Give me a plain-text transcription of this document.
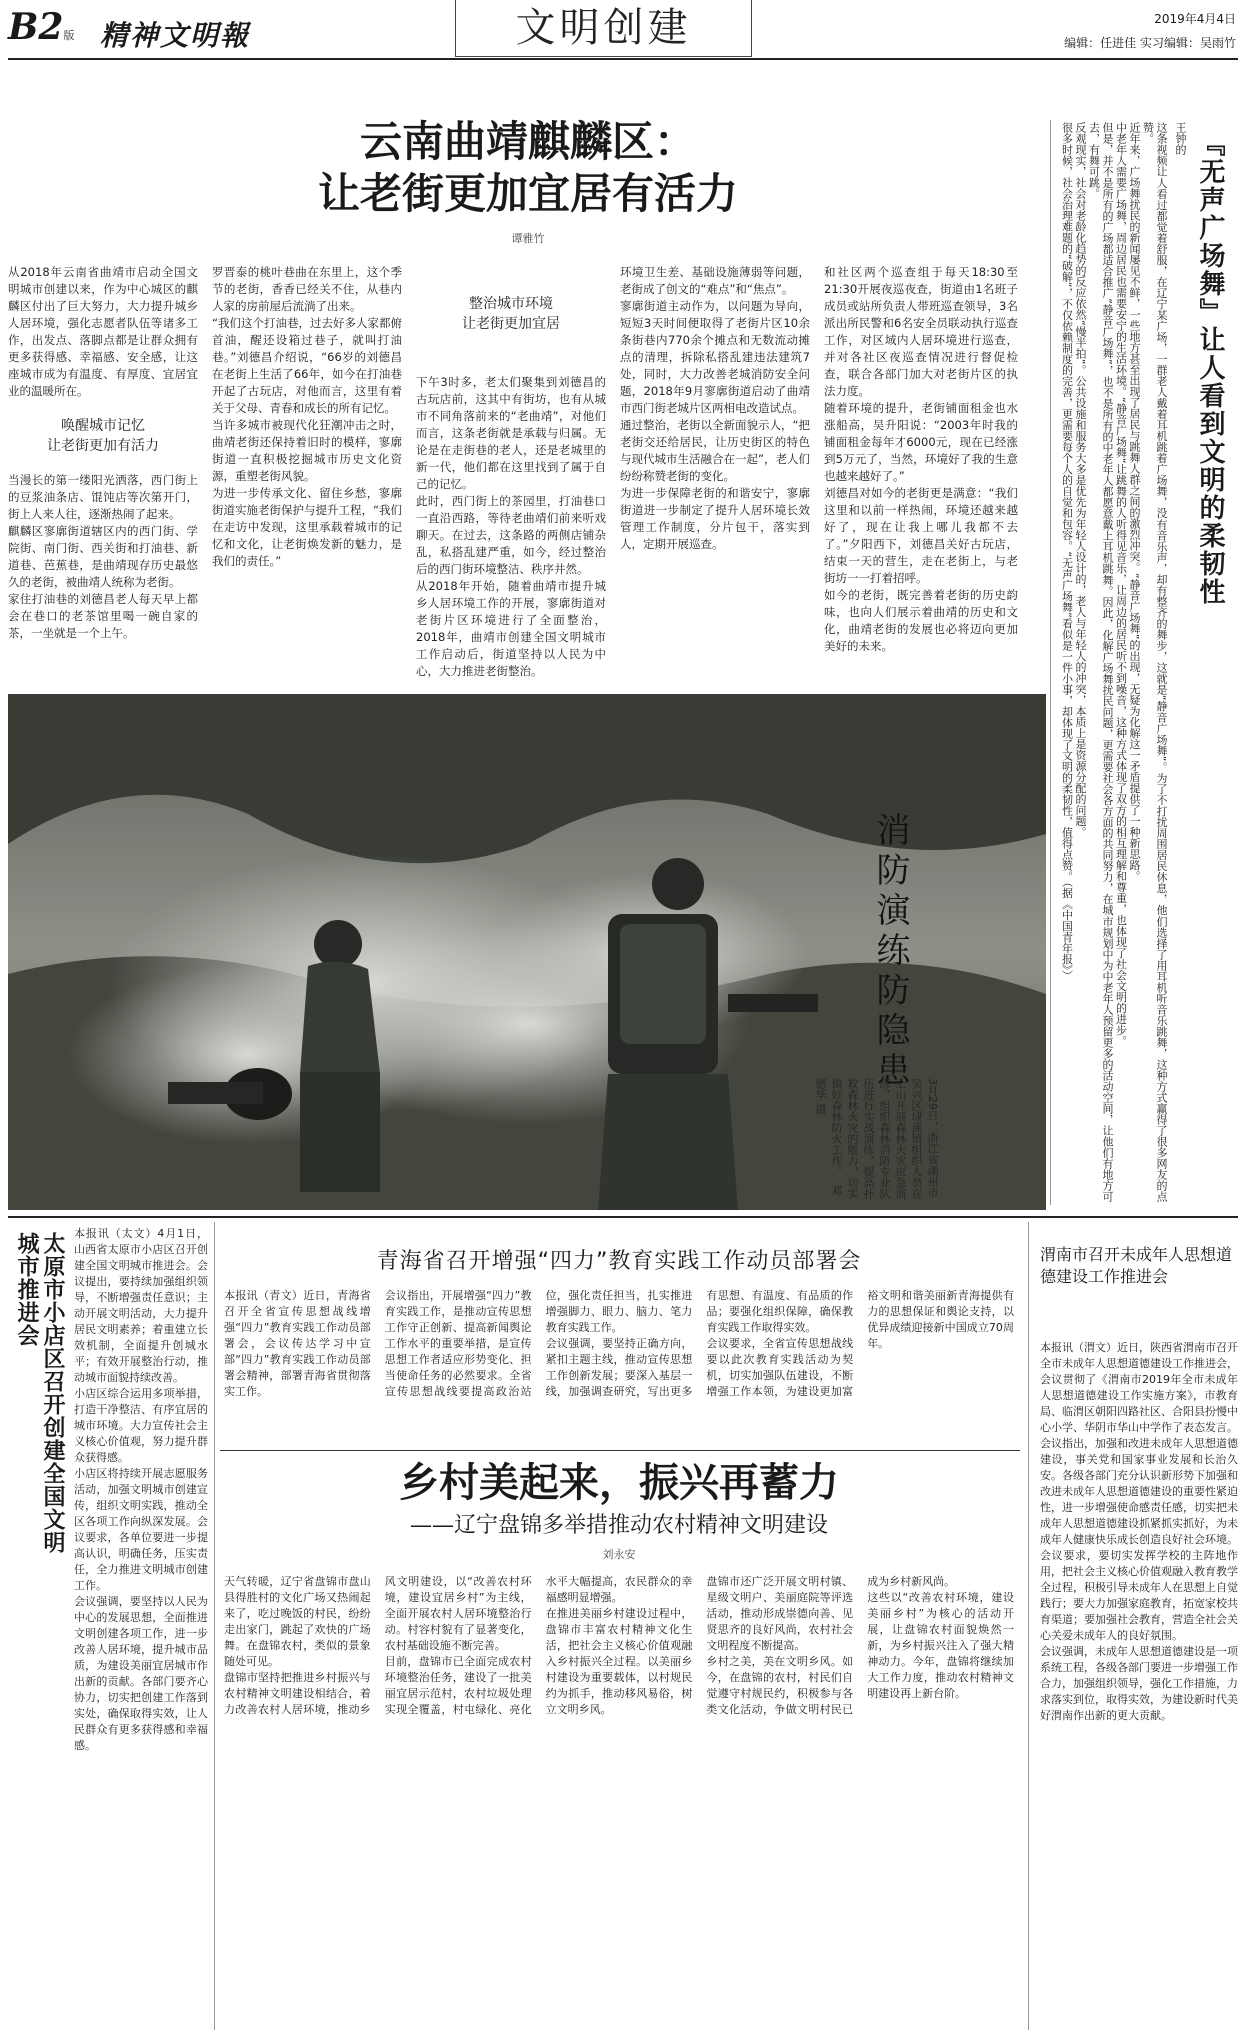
B2版 精神文明報	文明创建	2019年4月4日
编辑：任进佳 实习编辑：吴雨竹
云南曲靖麒麟区：
让老街更加宜居有活力
谭雅竹
从2018年云南省曲靖市启动全国文明城市创建以来，作为中心城区的麒麟区付出了巨大努力，大力提升城乡人居环境，强化志愿者队伍等诸多工作，出发点、落脚点都是让群众拥有更多获得感、幸福感、安全感，让这座城市成为有温度、有厚度、宜居宜业的温暖所在。
唤醒城市记忆
让老街更加有活力
当漫长的第一缕阳光洒落，西门街上的豆浆油条店、馄饨店等次第开门，街上人来人往，逐渐热闹了起来。
麒麟区寥廓街道辖区内的西门街、学院街、南门街、西关街和打油巷、新道巷、芭蕉巷，是曲靖现存历史最悠久的老街，被曲靖人统称为老街。
家住打油巷的刘德昌老人每天早上都会在巷口的老茶馆里喝一碗自家的茶，一坐就是一个上午。
罗晋泰的桃叶巷曲在东里上，这个季节的老街，香香已经关不住，从巷内人家的房前屋后流淌了出来。
“我们这个打油巷，过去好多人家都俯首油，醒还设箱过巷子，就叫打油巷。”刘德昌介绍说，“66岁的刘德昌在老街上生活了66年，如今在打油巷开起了古玩店，对他而言，这里有着关于父母、青春和成长的所有记忆。
当许多城市被现代化狂潮冲击之时，曲靖老街还保持着旧时的模样，寥廓街道一直积极挖掘城市历史文化资源，重塑老街风貌。
为进一步传承文化、留住乡愁，寥廓街道实施老街保护与提升工程，“我们在走访中发现，这里承载着城市的记忆和文化，让老街焕发新的魅力，是我们的责任。”
整治城市环境
让老街更加宜居
下午3时多，老太们聚集到刘德昌的古玩店前，这其中有街坊，也有从城市不同角落前来的“老曲靖”，对他们而言，这条老街就是承载与归属。无论是在走街巷的老人，还是老城里的新一代，他们都在这里找到了属于自己的记忆。
此时，西门街上的茶园里，打油巷口一直沿西路，等待老曲靖们前来听戏聊天。在过去，这条路的两侧店铺杂乱，私搭乱建严重，如今，经过整治后的西门街环境整洁、秩序井然。
从2018年开始，随着曲靖市提升城乡人居环境工作的开展，寥廓街道对老街片区环境进行了全面整治，2018年，曲靖市创建全国文明城市工作启动后，街道坚持以人民为中心，大力推进老街整治。
环境卫生差、基础设施薄弱等问题，老街成了创文的“难点”和“焦点”。
寥廓街道主动作为，以问题为导向，短短3天时间便取得了老街片区10余条街巷内770余个摊点和无数流动摊点的清理，拆除私搭乱建违法建筑7处，同时，大力改善老城消防安全问题，2018年9月寥廓街道启动了曲靖市西门街老城片区两相电改造试点。
通过整治，老街以全新面貌示人，“把老街交还给居民，让历史街区的特色与现代城市生活融合在一起”，老人们纷纷称赞老街的变化。
为进一步保障老街的和谐安宁，寥廓街道进一步制定了提升人居环境长效管理工作制度，分片包干，落实到人，定期开展巡查。
和社区两个巡查组于每天18:30至21:30开展夜巡夜查，街道由1名班子成员或站所负责人带班巡查领导，3名派出所民警和6名安全员联动执行巡查工作，对区域内人居环境进行巡查，并对各社区夜巡查情况进行督促检查，联合各部门加大对老街片区的执法力度。
随着环境的提升，老街铺面租金也水涨船高，吴升阳说：“2003年时我的铺面租金每年才6000元，现在已经涨到5万元了，当然，环境好了我的生意也越来越好了。”
刘德昌对如今的老街更是满意：“我们这里和以前一样热闹，环境还越来越好了，现在让我上哪儿我都不去了。”夕阳西下，刘德昌关好古玩店，结束一天的营生，走在老街上，与老街坊一一打着招呼。
如今的老街，既完善着老街的历史韵味，也向人们展示着曲靖的历史和文化，曲靖老街的发展也必将迈向更加美好的未来。
消防演练防隐患
3月29日，浙江省湖州市吴兴区埭溪镇组织人员在上山开展森林火灾应急演练，组织森林消防专业队伍进行实战演练，提高扑救森林火灾的能力，切实做好森林防火工作。邓德华 摄
『无声广场舞』让人看到文明的柔韧性
王钟的
这条视频让人看过都觉着舒服，在辽宁某广场，一群老人戴着耳机跳着广场舞，没有音乐声，却有整齐的舞步，这就是“静音广场舞”。为了不打扰周围居民休息，他们选择了用耳机听音乐跳舞，这种方式赢得了很多网友的点赞。
近年来，广场舞扰民的新闻屡见不鲜，一些地方甚至出现了居民与跳舞人群之间的激烈冲突。“静音广场舞”的出现，无疑为化解这一矛盾提供了一种新思路。
中老年人需要广场舞，周边居民也需要安宁的生活环境。“静音广场舞”让跳舞的人听得见音乐，让周边的居民听不到噪音，这种方式体现了双方的相互理解和尊重，也体现了社会文明的进步。
但是，并不是所有的广场都适合推广“静音广场舞”，也不是所有的中老年人都愿意戴上耳机跳舞。因此，化解广场舞扰民问题，更需要社会各方面的共同努力，在城市规划中为中老年人预留更多的活动空间，让他们有地方可去，有舞可跳。
反观现实，社会对老龄化趋势的反应依然“慢半拍”。公共设施和服务大多是优先为年轻人设计的，老人与年轻人的冲突，本质上是资源分配的问题。
很多时候，社会治理难题的“破解”，不仅依赖制度的完善，更需要每个人的自觉和包容。“无声广场舞”看似是一件小事，却体现了文明的柔韧性，值得点赞。（据《中国青年报》）
太原市小店区召开创建全国文明城市推进会	本报讯（太文）4月1日，山西省太原市小店区召开创建全国文明城市推进会。会议提出，要持续加强组织领导，不断增强责任意识；主动开展文明活动，大力提升居民文明素养；着重建立长效机制，全面提升创城水平；有效开展整治行动，推动城市面貌持续改善。
小店区综合运用多项举措，打造干净整洁、有序宜居的城市环境。大力宣传社会主义核心价值观，努力提升群众获得感。
小店区将持续开展志愿服务活动，加强文明城市创建宣传，组织文明实践，推动全区各项工作向纵深发展。会议要求，各单位要进一步提高认识，明确任务，压实责任，全力推进文明城市创建工作。
会议强调，要坚持以人民为中心的发展思想，全面推进文明创建各项工作，进一步改善人居环境，提升城市品质，为建设美丽宜居城市作出新的贡献。各部门要齐心协力，切实把创建工作落到实处，确保取得实效，让人民群众有更多获得感和幸福感。
青海省召开增强“四力”教育实践工作动员部署会
本报讯（青文）近日，青海省召开全省宣传思想战线增强“四力”教育实践工作动员部署会，会议传达学习中宣部“四力”教育实践工作动员部署会精神，部署青海省贯彻落实工作。
会议指出，开展增强“四力”教育实践工作，是推动宣传思想工作守正创新、提高新闻舆论工作水平的重要举措，是宣传思想工作者适应形势变化、担当使命任务的必然要求。全省宣传思想战线要提高政治站位，强化责任担当，扎实推进增强脚力、眼力、脑力、笔力教育实践工作。
会议强调，要坚持正确方向，紧扣主题主线，推动宣传思想工作创新发展；要深入基层一线，加强调查研究，写出更多有思想、有温度、有品质的作品；要强化组织保障，确保教育实践工作取得实效。
会议要求，全省宣传思想战线要以此次教育实践活动为契机，切实加强队伍建设，不断增强工作本领，为建设更加富裕文明和谐美丽新青海提供有力的思想保证和舆论支持，以优异成绩迎接新中国成立70周年。
乡村美起来，振兴再蓄力
——辽宁盘锦多举措推动农村精神文明建设
刘永安
天气转暖，辽宁省盘锦市盘山县得胜村的文化广场又热闹起来了，吃过晚饭的村民，纷纷走出家门，跳起了欢快的广场舞。在盘锦农村，类似的景象随处可见。
盘锦市坚持把推进乡村振兴与农村精神文明建设相结合，着力改善农村人居环境，推动乡风文明建设，以“改善农村环境，建设宜居乡村”为主线，全面开展农村人居环境整治行动。村容村貌有了显著变化，农村基础设施不断完善。
目前，盘锦市已全面完成农村环境整治任务，建设了一批美丽宜居示范村，农村垃圾处理实现全覆盖，村屯绿化、亮化水平大幅提高，农民群众的幸福感明显增强。
在推进美丽乡村建设过程中，盘锦市丰富农村精神文化生活，把社会主义核心价值观融入乡村振兴全过程。以美丽乡村建设为重要载体，以村规民约为抓手，推动移风易俗，树立文明乡风。
盘锦市还广泛开展文明村镇、星级文明户、美丽庭院等评选活动，推动形成崇德向善、见贤思齐的良好风尚，农村社会文明程度不断提高。
乡村之美，美在文明乡风。如今，在盘锦的农村，村民们自觉遵守村规民约，积极参与各类文化活动，争做文明村民已成为乡村新风尚。
这些以“改善农村环境，建设美丽乡村”为核心的活动开展，让盘锦农村面貌焕然一新，为乡村振兴注入了强大精神动力。今年，盘锦将继续加大工作力度，推动农村精神文明建设再上新台阶。
渭南市召开未成年人思想道德建设工作推进会
本报讯（渭文）近日，陕西省渭南市召开全市未成年人思想道德建设工作推进会，会议贯彻了《渭南市2019年全市未成年人思想道德建设工作实施方案》，市教育局、临渭区朝阳四路社区、合阳县扮慢中心小学、华阴市华山中学作了表态发言。
会议指出，加强和改进未成年人思想道德建设，事关党和国家事业发展和长治久安。各级各部门充分认识新形势下加强和改进未成年人思想道德建设的重要性紧迫性，进一步增强使命感责任感，切实把未成年人思想道德建设抓紧抓实抓好，为未成年人健康快乐成长创造良好社会环境。
会议要求，要切实发挥学校的主阵地作用，把社会主义核心价值观融入教育教学全过程，积极引导未成年人在思想上自觉践行；要大力加强家庭教育，拓宽家校共育渠道；要加强社会教育，营造全社会关心关爱未成年人的良好氛围。
会议强调，未成年人思想道德建设是一项系统工程，各级各部门要进一步增强工作合力，加强组织领导，强化工作措施，力求落实到位，取得实效，为建设新时代美好渭南作出新的更大贡献。
